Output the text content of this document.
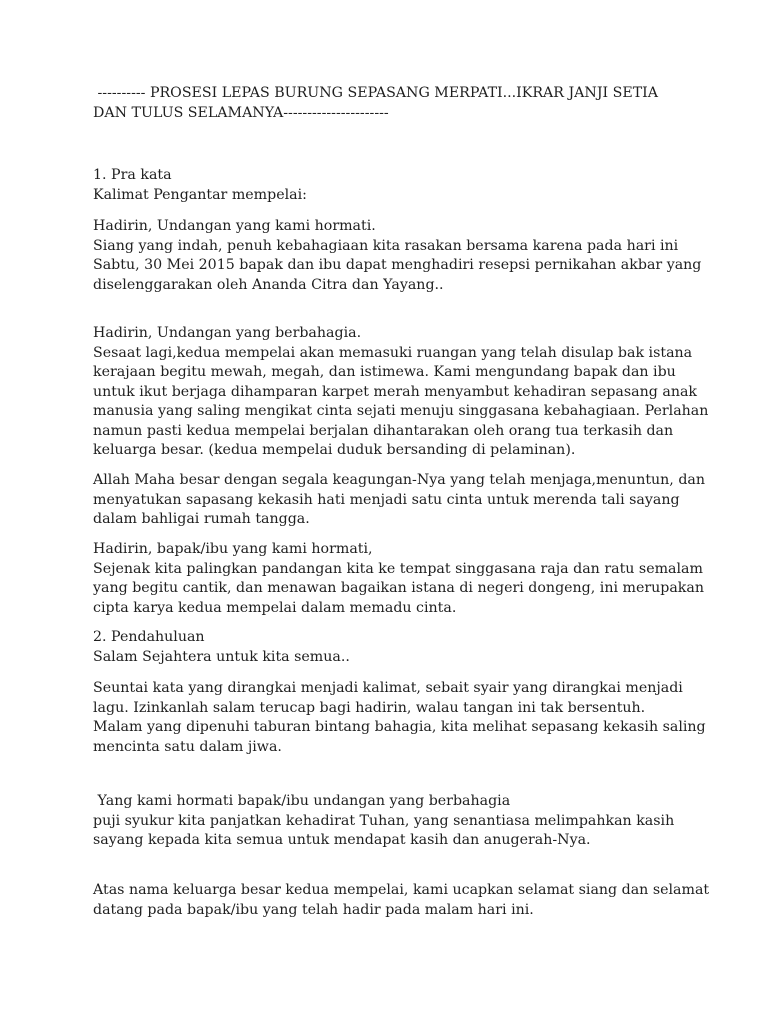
---------- PROSESI LEPAS BURUNG SEPASANG MERPATI...IKRAR JANJI SETIA
DAN TULUS SELAMANYA----------------------
1. Pra kata
Kalimat Pengantar mempelai:
Hadirin, Undangan yang kami hormati.
Siang yang indah, penuh kebahagiaan kita rasakan bersama karena pada hari ini
Sabtu, 30 Mei 2015 bapak dan ibu dapat menghadiri resepsi pernikahan akbar yang
diselenggarakan oleh Ananda Citra dan Yayang..
Hadirin, Undangan yang berbahagia.
Sesaat lagi,kedua mempelai akan memasuki ruangan yang telah disulap bak istana
kerajaan begitu mewah, megah, dan istimewa. Kami mengundang bapak dan ibu
untuk ikut berjaga dihamparan karpet merah menyambut kehadiran sepasang anak
manusia yang saling mengikat cinta sejati menuju singgasana kebahagiaan. Perlahan
namun pasti kedua mempelai berjalan dihantarakan oleh orang tua terkasih dan
keluarga besar. (kedua mempelai duduk bersanding di pelaminan).
Allah Maha besar dengan segala keagungan-Nya yang telah menjaga,menuntun, dan
menyatukan sapasang kekasih hati menjadi satu cinta untuk merenda tali sayang
dalam bahligai rumah tangga.
Hadirin, bapak/ibu yang kami hormati,
Sejenak kita palingkan pandangan kita ke tempat singgasana raja dan ratu semalam
yang begitu cantik, dan menawan bagaikan istana di negeri dongeng, ini merupakan
cipta karya kedua mempelai dalam memadu cinta.
2. Pendahuluan
Salam Sejahtera untuk kita semua..
Seuntai kata yang dirangkai menjadi kalimat, sebait syair yang dirangkai menjadi
lagu. Izinkanlah salam terucap bagi hadirin, walau tangan ini tak bersentuh.
Malam yang dipenuhi taburan bintang bahagia, kita melihat sepasang kekasih saling
mencinta satu dalam jiwa.
Yang kami hormati bapak/ibu undangan yang berbahagia
puji syukur kita panjatkan kehadirat Tuhan, yang senantiasa melimpahkan kasih
sayang kepada kita semua untuk mendapat kasih dan anugerah-Nya.
Atas nama keluarga besar kedua mempelai, kami ucapkan selamat siang dan selamat
datang pada bapak/ibu yang telah hadir pada malam hari ini.
